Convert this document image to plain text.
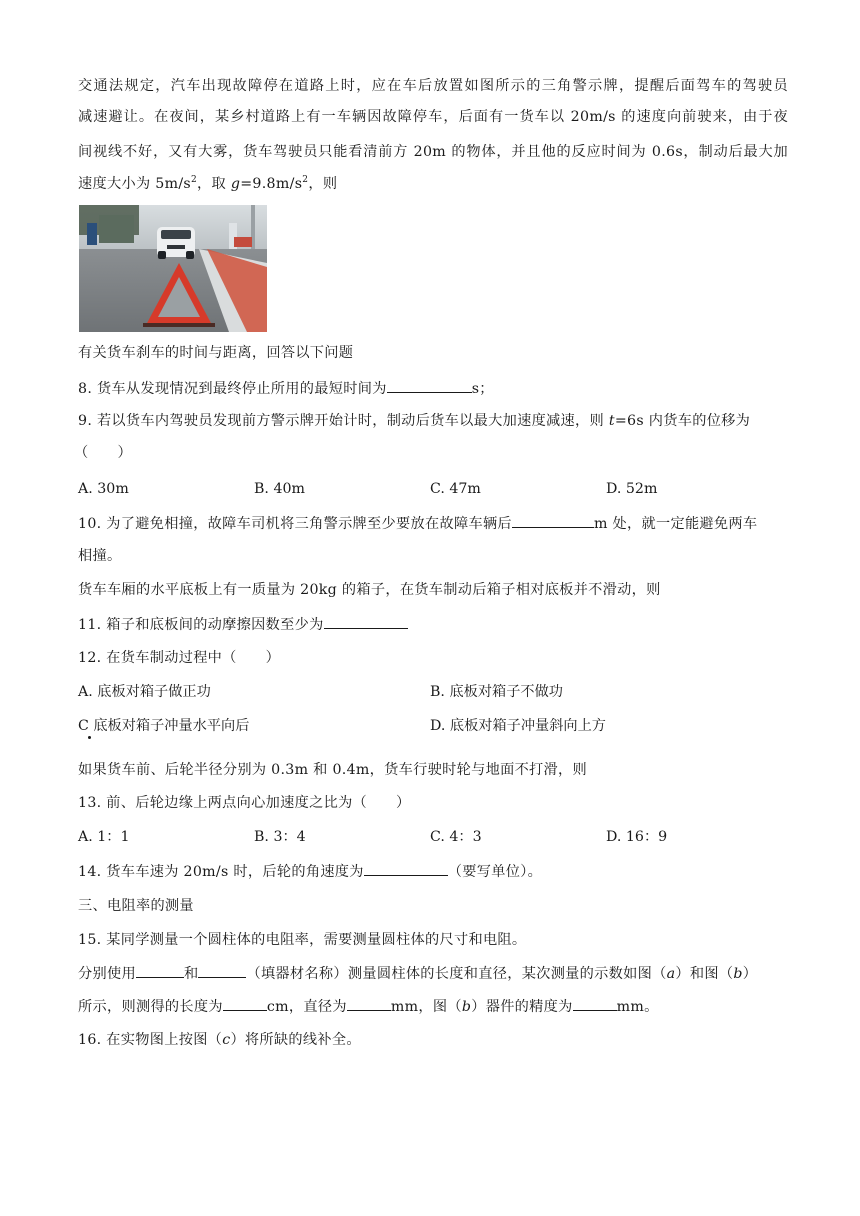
交通法规定，汽车出现故障停在道路上时，应在车后放置如图所示的三角警示牌，提醒后面驾车的驾驶员
减速避让。在夜间，某乡村道路上有一车辆因故障停车，后面有一货车以 20m/s 的速度向前驶来，由于夜
间视线不好，又有大雾，货车驾驶员只能看清前方 20m 的物体，并且他的反应时间为 0.6s，制动后最大加
速度大小为 $5m/s^2$，取 $g=9.8m/s^2$，则
有关货车刹车的时间与距离，回答以下问题
8. 货车从发现情况到最终停止所用的最短时间为	s；
9. 若以货车内驾驶员发现前方警示牌开始计时，制动后货车以最大加速度减速，则 t=6s 内货车的位移为
（　　）
A. 30m	B. 40m	C. 47m	D. 52m
10. 为了避免相撞，故障车司机将三角警示牌至少要放在故障车辆后	m 处，就一定能避免两车
相撞。
货车车厢的水平底板上有一质量为 20kg 的箱子，在货车制动后箱子相对底板并不滑动，则
11. 箱子和底板间的动摩擦因数至少为
12. 在货车制动过程中（　　）
A. 底板对箱子做正功	B. 底板对箱子不做功
C 底板对箱子冲量水平向后	D. 底板对箱子冲量斜向上方
如果货车前、后轮半径分别为 0.3m 和 0.4m，货车行驶时轮与地面不打滑，则
13. 前、后轮边缘上两点向心加速度之比为（　　）
A. 1：1	B. 3：4	C. 4：3	D. 16：9
14. 货车车速为 20m/s 时，后轮的角速度为	（要写单位）。
三、电阻率的测量
15. 某同学测量一个圆柱体的电阻率，需要测量圆柱体的尺寸和电阻。
分别使用	和	（填器材名称）测量圆柱体的长度和直径，某次测量的示数如图（a）和图（b）
所示，则测得的长度为	cm，直径为	mm，图（b）器件的精度为	mm。
16. 在实物图上按图（c）将所缺的线补全。
